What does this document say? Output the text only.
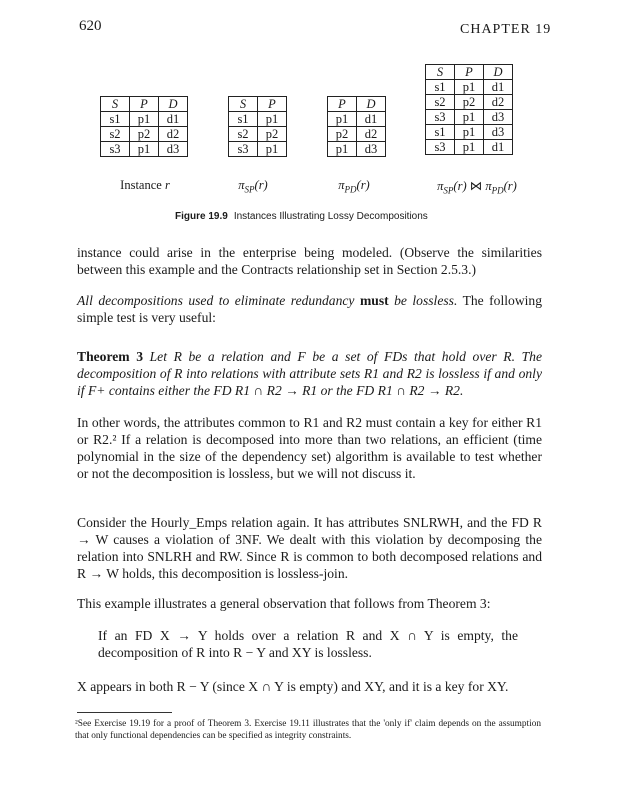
620	CHAPTER 19
S	P	D
s1	p1	d1
s2	p2	d2
s3	p1	d3
S	P
s1	p1
s2	p2
s3	p1
P	D
p1	d1
p2	d2
p1	d3
S	P	D
s1	p1	d1
s2	p2	d2
s3	p1	d3
s1	p1	d3
s3	p1	d1
Instance r	$\pi_{SP}(r)$	$\pi_{PD}(r)$	$\pi_{SP}(r)$ ⋈ $\pi_{PD}(r)$
Figure 19.9 Instances Illustrating Lossy Decompositions

instance could arise in the enterprise being modeled. (Observe the similarities between this example and the Contracts relationship set in Section 2.5.3.)

All decompositions used to eliminate redundancy must be lossless. The following simple test is very useful:

Theorem 3 Let R be a relation and F be a set of FDs that hold over R. The decomposition of R into relations with attribute sets R1 and R2 is lossless if and only if F+ contains either the FD R1 ∩ R2 → R1 or the FD R1 ∩ R2 → R2.

In other words, the attributes common to R1 and R2 must contain a key for either R1 or R2.² If a relation is decomposed into more than two relations, an efficient (time polynomial in the size of the dependency set) algorithm is available to test whether or not the decomposition is lossless, but we will not discuss it.

Consider the Hourly_Emps relation again. It has attributes SNLRWH, and the FD R → W causes a violation of 3NF. We dealt with this violation by decomposing the relation into SNLRH and RW. Since R is common to both decomposed relations and R → W holds, this decomposition is lossless-join.

This example illustrates a general observation that follows from Theorem 3:

If an FD X → Y holds over a relation R and X ∩ Y is empty, the decomposition of R into R − Y and XY is lossless.

X appears in both R − Y (since X ∩ Y is empty) and XY, and it is a key for XY.

²See Exercise 19.19 for a proof of Theorem 3. Exercise 19.11 illustrates that the 'only if' claim depends on the assumption that only functional dependencies can be specified as integrity constraints.
